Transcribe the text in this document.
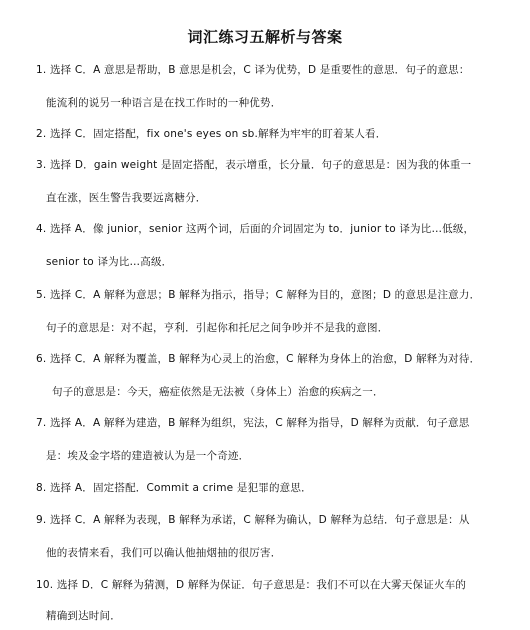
词汇练习五解析与答案
1. 选择 C．A 意思是帮助，B 意思是机会，C 译为优势，D 是重要性的意思．句子的意思：
能流利的说另一种语言是在找工作时的一种优势．
2. 选择 C．固定搭配，fix one's eyes on sb.解释为牢牢的盯着某人看．
3. 选择 D．gain weight 是固定搭配，表示增重，长分量．句子的意思是：因为我的体重一
直在涨，医生警告我要远离糖分．
4. 选择 A．像 junior，senior 这两个词，后面的介词固定为 to．junior to 译为比…低级，
senior to 译为比…高级．
5. 选择 C．A 解释为意思；B 解释为指示，指导；C 解释为目的，意图；D 的意思是注意力．
句子的意思是：对不起，亨利．引起你和托尼之间争吵并不是我的意图．
6. 选择 C．A 解释为覆盖，B 解释为心灵上的治愈，C 解释为身体上的治愈，D 解释为对待．
句子的意思是：今天，癌症依然是无法被（身体上）治愈的疾病之一．
7. 选择 A．A 解释为建造，B 解释为组织，宪法，C 解释为指导，D 解释为贡献．句子意思
是：埃及金字塔的建造被认为是一个奇迹．
8. 选择 A．固定搭配．Commit a crime 是犯罪的意思．
9. 选择 C．A 解释为表现，B 解释为承诺，C 解释为确认，D 解释为总结．句子意思是：从
他的表情来看，我们可以确认他抽烟抽的很厉害．
10. 选择 D．C 解释为猜测，D 解释为保证．句子意思是：我们不可以在大雾天保证火车的
精确到达时间．
